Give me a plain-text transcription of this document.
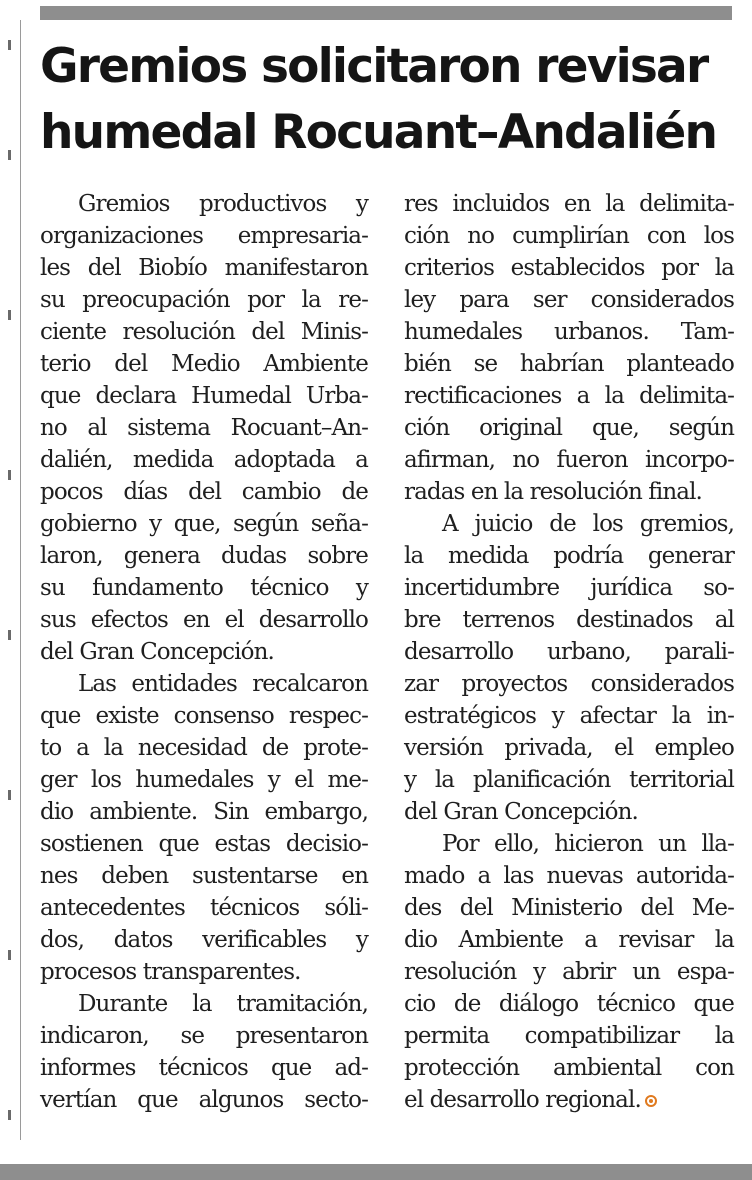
Gremios solicitaron revisar
humedal Rocuant–Andalién
Gremios productivos y
organizaciones empresaria-
les del Biobío manifestaron
su preocupación por la re-
ciente resolución del Minis-
terio del Medio Ambiente
que declara Humedal Urba-
no al sistema Rocuant–An-
dalién, medida adoptada a
pocos días del cambio de
gobierno y que, según seña-
laron, genera dudas sobre
su fundamento técnico y
sus efectos en el desarrollo
del Gran Concepción.
Las entidades recalcaron
que existe consenso respec-
to a la necesidad de prote-
ger los humedales y el me-
dio ambiente. Sin embargo,
sostienen que estas decisio-
nes deben sustentarse en
antecedentes técnicos sóli-
dos, datos verificables y
procesos transparentes.
Durante la tramitación,
indicaron, se presentaron
informes técnicos que ad-
vertían que algunos secto-
res incluidos en la delimita-
ción no cumplirían con los
criterios establecidos por la
ley para ser considerados
humedales urbanos. Tam-
bién se habrían planteado
rectificaciones a la delimita-
ción original que, según
afirman, no fueron incorpo-
radas en la resolución final.
A juicio de los gremios,
la medida podría generar
incertidumbre jurídica so-
bre terrenos destinados al
desarrollo urbano, parali-
zar proyectos considerados
estratégicos y afectar la in-
versión privada, el empleo
y la planificación territorial
del Gran Concepción.
Por ello, hicieron un lla-
mado a las nuevas autorida-
des del Ministerio del Me-
dio Ambiente a revisar la
resolución y abrir un espa-
cio de diálogo técnico que
permita compatibilizar la
protección ambiental con
el desarrollo regional.
